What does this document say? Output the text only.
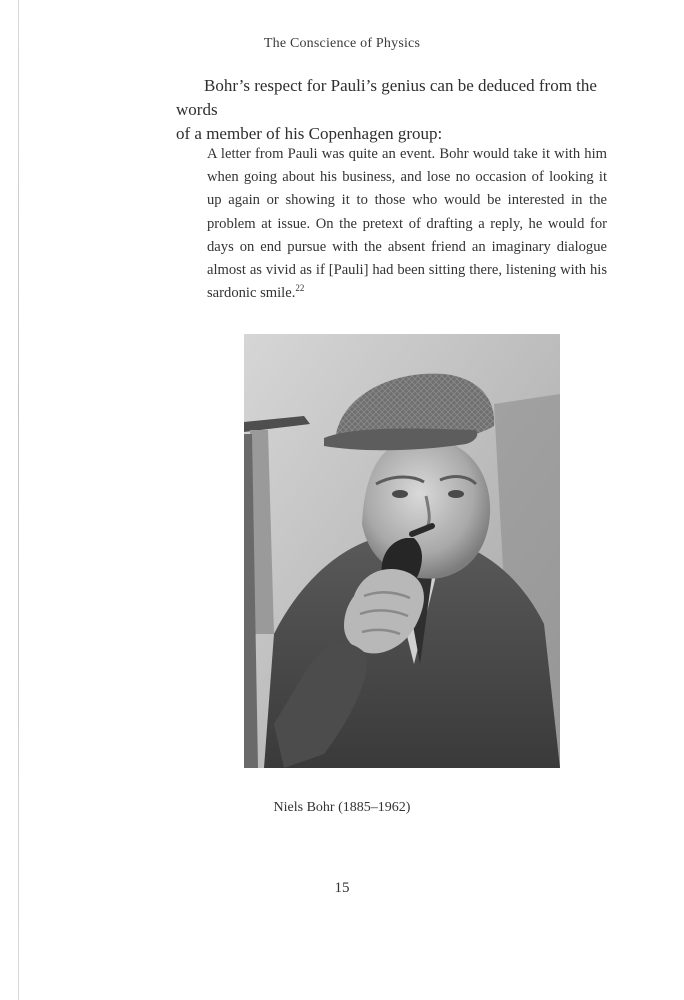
The Conscience of Physics
Bohr’s respect for Pauli’s genius can be deduced from the words
of a member of his Copenhagen group:
A letter from Pauli was quite an event. Bohr would take it with him when going about his business, and lose no occasion of looking it up again or showing it to those who would be interested in the problem at issue. On the pretext of drafting a reply, he would for days on end pursue with the absent friend an imaginary dialogue almost as vivid as if [Pauli] had been sitting there, listening with his sardonic smile.$^{22}$
Niels Bohr (1885–1962)
15
